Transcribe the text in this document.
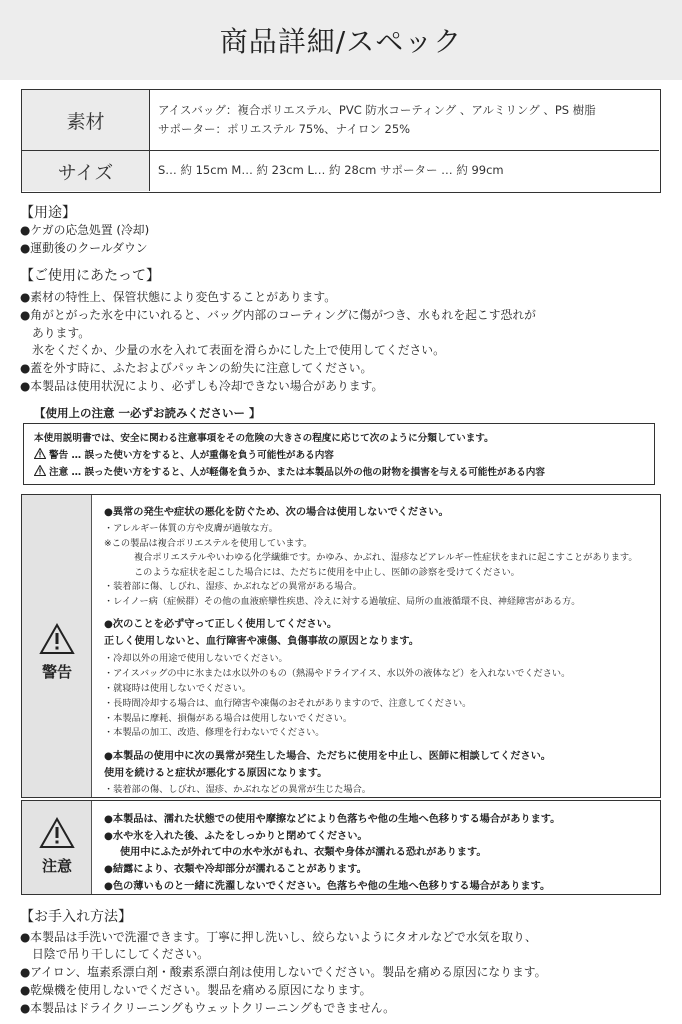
商品詳細/スペック
素材
アイスバッグ：複合ポリエステル、PVC 防水コーティング 、アルミリング 、PS 樹脂
サポーター：ポリエステル 75%、ナイロン 25%
サイズ	S… 約 15cm M… 約 23cm L… 約 28cm サポーター … 約 99cm
【用途】
●ケガの応急処置 (冷却)
●運動後のクールダウン
【ご使用にあたって】
●素材の特性上、保管状態により変色することがあります。
●角がとがった氷を中にいれると、バッグ内部のコーティングに傷がつき、水もれを起こす恐れが
あります。
氷をくだくか、少量の水を入れて表面を滑らかにした上で使用してください。
●蓋を外す時に、ふたおよびパッキンの紛失に注意してください。
●本製品は使用状況により、必ずしも冷却できない場合があります。
【使用上の注意 一必ずお読みくださいー 】
本使用説明書では、安全に関わる注意事項をその危険の大きさの程度に応じて次のように分類しています。
警告 … 誤った使い方をすると、人が重傷を負う可能性がある内容
注意 … 誤った使い方をすると、人が軽傷を負うか、または本製品以外の他の財物を損害を与える可能性がある内容
警告
●異常の発生や症状の悪化を防ぐため、次の場合は使用しないでください。
・アレルギー体質の方や皮膚が過敏な方。
※この製品は複合ポリエステルを使用しています。
複合ポリエステルやいわゆる化学繊維です。かゆみ、かぶれ、湿疹などアレルギー性症状をまれに起こすことがあります。
このような症状を起こした場合には、ただちに使用を中止し、医師の診察を受けてください。
・装着部に傷、しびれ、湿疹、かぶれなどの異常がある場合。
・レイノー病（症候群）その他の血液瘀攣性疾患、冷えに対する過敏症、局所の血液循環不良、神経障害がある方。
●次のことを必ず守って正しく使用してください。
正しく使用しないと、血行障害や凍傷、負傷事故の原因となります。
・冷却以外の用途で使用しないでください。
・アイスバッグの中に氷または水以外のもの（熱湯やドライアイス、水以外の液体など）を入れないでください。
・就寝時は使用しないでください。
・長時間冷却する場合は、血行障害や凍傷のおそれがありますので、注意してください。
・本製品に摩耗、損傷がある場合は使用しないでください。
・本製品の加工、改造、修理を行わないでください。
●本製品の使用中に次の異常が発生した場合、ただちに使用を中止し、医師に相談してください。
使用を続けると症状が悪化する原因になります。
・装着部の傷、しびれ、湿疹、かぶれなどの異常が生じた場合。
注意
●本製品は、濡れた状態での使用や摩擦などにより色落ちや他の生地へ色移りする場合があります。
●水や氷を入れた後、ふたをしっかりと閉めてください。
使用中にふたが外れて中の水や氷がもれ、衣類や身体が濡れる恐れがあります。
●結露により、衣類や冷却部分が濡れることがあります。
●色の薄いものと一緒に洗濯しないでください。色落ちや他の生地へ色移りする場合があります。
【お手入れ方法】
●本製品は手洗いで洗濯できます。丁寧に押し洗いし、絞らないようにタオルなどで水気を取り、
日陰で吊り干しにしてください。
●アイロン、塩素系漂白剤・酸素系漂白剤は使用しないでください。製品を痛める原因になります。
●乾燥機を使用しないでください。製品を痛める原因になります。
●本製品はドライクリーニングもウェットクリーニングもできません。
